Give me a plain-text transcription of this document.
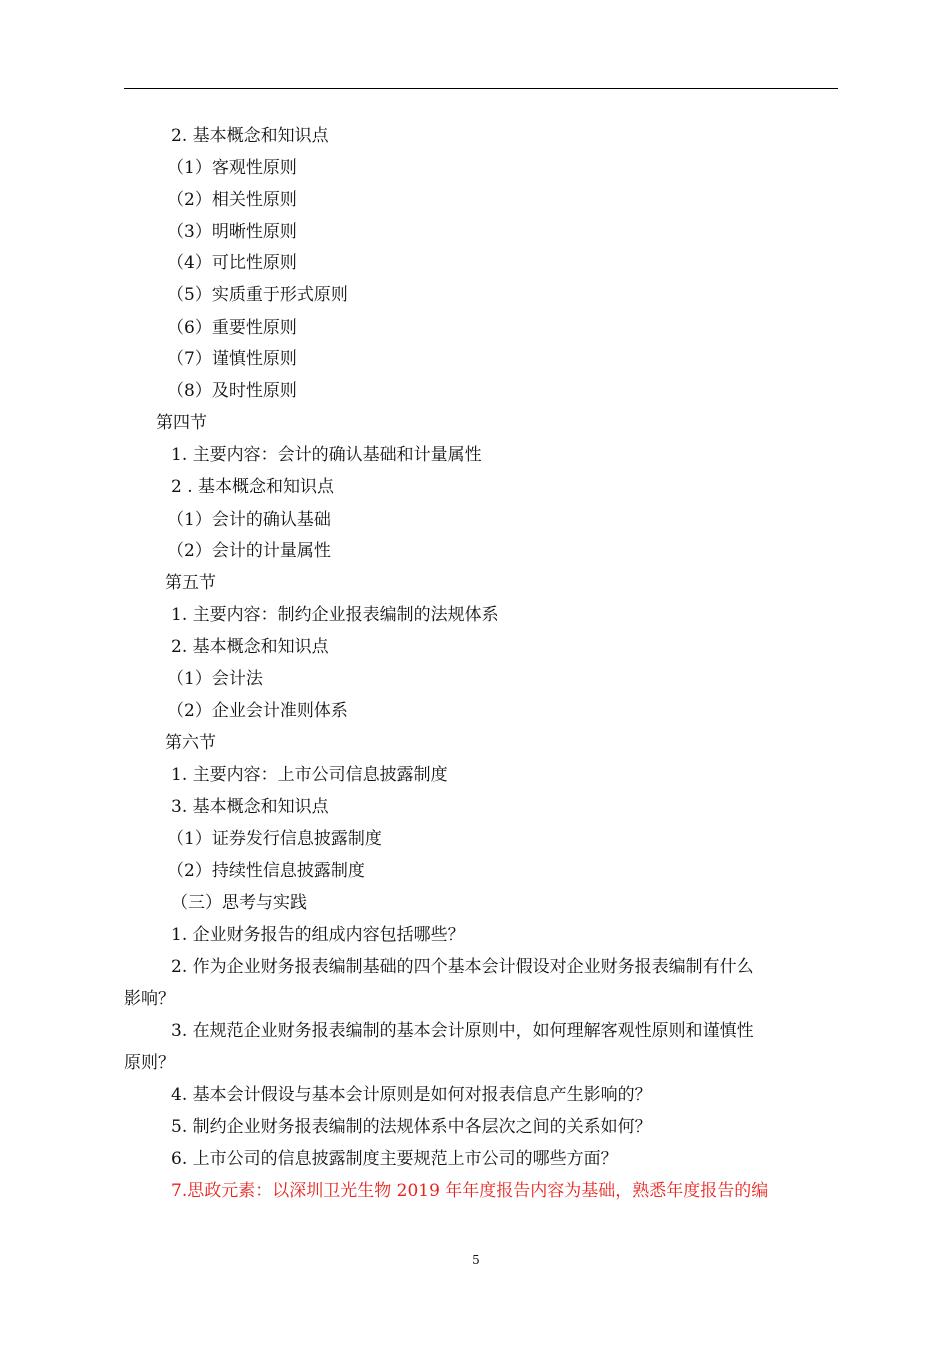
2. 基本概念和知识点
（1）客观性原则
（2）相关性原则
（3）明晰性原则
（4）可比性原则
（5）实质重于形式原则
（6）重要性原则
（7）谨慎性原则
（8）及时性原则
第四节
1. 主要内容：会计的确认基础和计量属性
2 . 基本概念和知识点
（1）会计的确认基础
（2）会计的计量属性
第五节
1. 主要内容：制约企业报表编制的法规体系
2. 基本概念和知识点
（1）会计法
（2）企业会计准则体系
第六节
1. 主要内容：上市公司信息披露制度
3. 基本概念和知识点
（1）证券发行信息披露制度
（2）持续性信息披露制度
（三）思考与实践
1. 企业财务报告的组成内容包括哪些？
2. 作为企业财务报表编制基础的四个基本会计假设对企业财务报表编制有什么
影响？
3. 在规范企业财务报表编制的基本会计原则中，如何理解客观性原则和谨慎性
原则？
4. 基本会计假设与基本会计原则是如何对报表信息产生影响的？
5. 制约企业财务报表编制的法规体系中各层次之间的关系如何？
6. 上市公司的信息披露制度主要规范上市公司的哪些方面？
7.思政元素：以深圳卫光生物 2019 年年度报告内容为基础，熟悉年度报告的编
5
